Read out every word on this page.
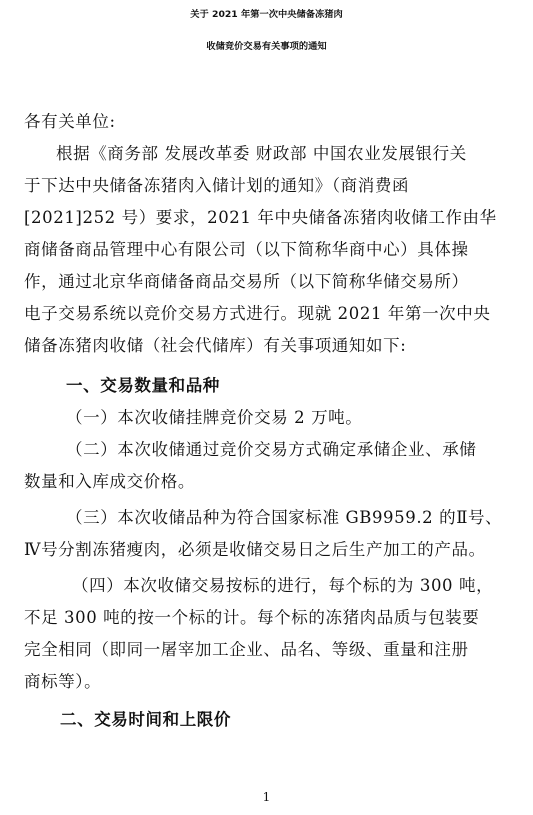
关于 2021 年第一次中央储备冻猪肉
收储竞价交易有关事项的通知
各有关单位:
根据《商务部 发展改革委 财政部 中国农业发展银行关
于下达中央储备冻猪肉入储计划的通知》（商消费函
[2021]252 号）要求，2021 年中央储备冻猪肉收储工作由华
商储备商品管理中心有限公司（以下简称华商中心）具体操
作，通过北京华商储备商品交易所（以下简称华储交易所）
电子交易系统以竞价交易方式进行。现就 2021 年第一次中央
储备冻猪肉收储（社会代储库）有关事项通知如下:
一、交易数量和品种
（一）本次收储挂牌竞价交易 2 万吨。
（二）本次收储通过竞价交易方式确定承储企业、承储
数量和入库成交价格。
（三）本次收储品种为符合国家标准 GB9959.2 的Ⅱ号、
Ⅳ号分割冻猪瘦肉，必须是收储交易日之后生产加工的产品。
（四）本次收储交易按标的进行，每个标的为 300 吨，
不足 300 吨的按一个标的计。每个标的冻猪肉品质与包装要
完全相同（即同一屠宰加工企业、品名、等级、重量和注册
商标等）。
二、交易时间和上限价
1
